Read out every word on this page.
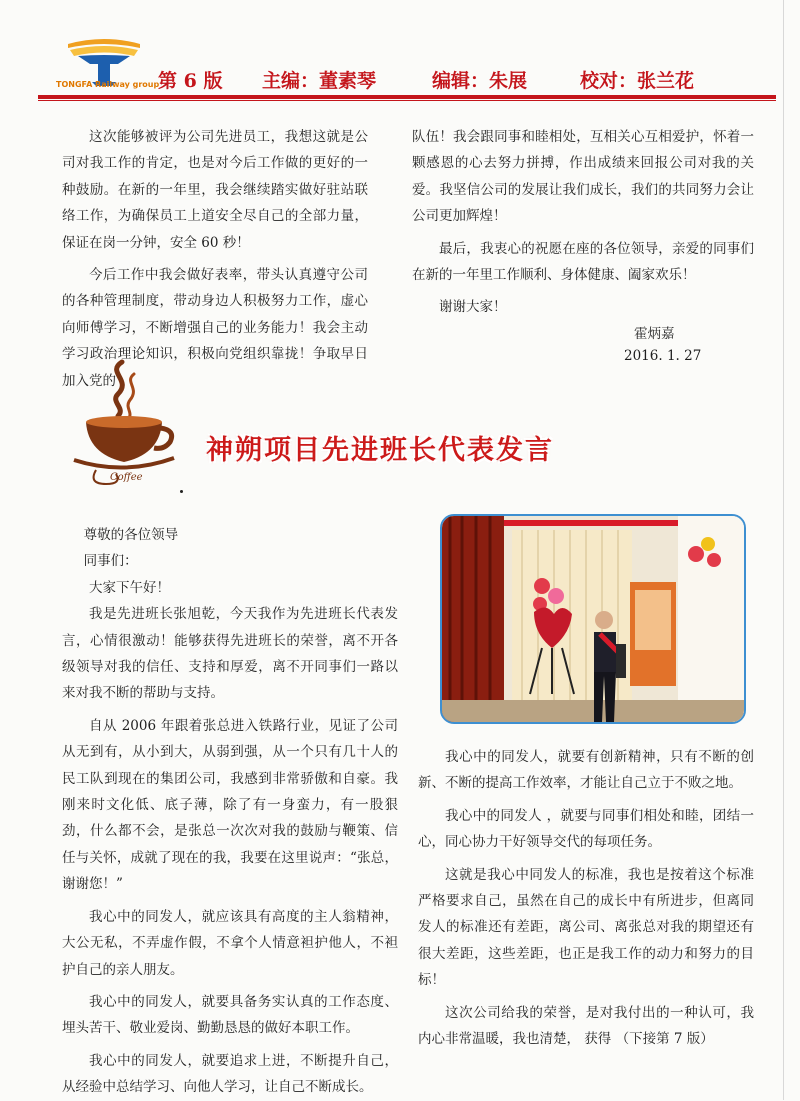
TONGFA Railway group
第 6 版 主编：董素琴	编辑：朱展	校对：张兰花

这次能够被评为公司先进员工，我想这就是公司对我工作的肯定，也是对今后工作做的更好的一种鼓励。在新的一年里，我会继续踏实做好驻站联络工作，为确保员工上道安全尽自己的全部力量，保证在岗一分钟，安全 60 秒！

今后工作中我会做好表率，带头认真遵守公司的各种管理制度，带动身边人积极努力工作，虚心向师傅学习，不断增强自己的业务能力！我会主动学习政治理论知识，积极向党组织靠拢！争取早日加入党的

队伍！我会跟同事和睦相处，互相关心互相爱护，怀着一颗感恩的心去努力拼搏，作出成绩来回报公司对我的关爱。我坚信公司的发展让我们成长，我们的共同努力会让公司更加辉煌！

最后，我衷心的祝愿在座的各位领导，亲爱的同事们在新的一年里工作顺利、身体健康、阖家欢乐！

谢谢大家！

霍炳嘉
2016. 1. 27
Coffee
神朔项目先进班长代表发言

尊敬的各位领导

同事们：

大家下午好！

我是先进班长张旭乾，今天我作为先进班长代表发言，心情很激动！能够获得先进班长的荣誉，离不开各级领导对我的信任、支持和厚爱，离不开同事们一路以来对我不断的帮助与支持。

自从 2006 年跟着张总进入铁路行业，见证了公司从无到有，从小到大，从弱到强，从一个只有几十人的民工队到现在的集团公司，我感到非常骄傲和自豪。我刚来时文化低、底子薄，除了有一身蛮力，有一股狠劲，什么都不会，是张总一次次对我的鼓励与鞭策、信任与关怀，成就了现在的我，我要在这里说声：“张总，谢谢您！”

我心中的同发人，就应该具有高度的主人翁精神，大公无私，不弄虚作假，不拿个人情意袒护他人，不袒护自己的亲人朋友。

我心中的同发人，就要具备务实认真的工作态度、埋头苦干、敬业爱岗、勤勤恳恳的做好本职工作。

我心中的同发人，就要追求上进，不断提升自己，从经验中总结学习、向他人学习，让自己不断成长。

我心中的同发人，就要有创新精神，只有不断的创新、不断的提高工作效率，才能让自己立于不败之地。

我心中的同发人 ，就要与同事们相处和睦，团结一心，同心协力干好领导交代的每项任务。

这就是我心中同发人的标准，我也是按着这个标准严格要求自己，虽然在自己的成长中有所进步，但离同发人的标准还有差距，离公司、离张总对我的期望还有很大差距，这些差距，也正是我工作的动力和努力的目标！

这次公司给我的荣誉，是对我付出的一种认可，我内心非常温暖，我也清楚， 获得 （下接第 7 版）
